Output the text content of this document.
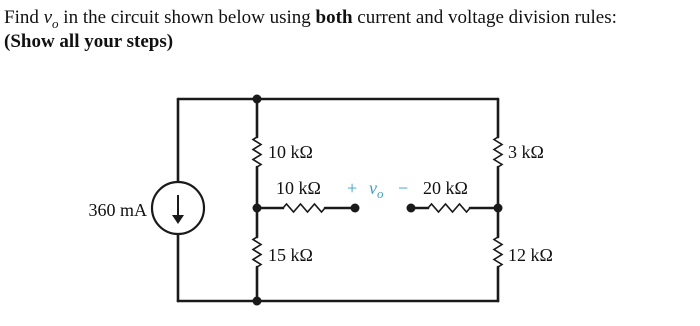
Find $v_o$ in the circuit shown below using both current and voltage division rules:
(Show all your steps)

360 mA
10 kΩ	3 kΩ
10 kΩ	20 kΩ
15 kΩ	12 kΩ
+ $v_o$ −
